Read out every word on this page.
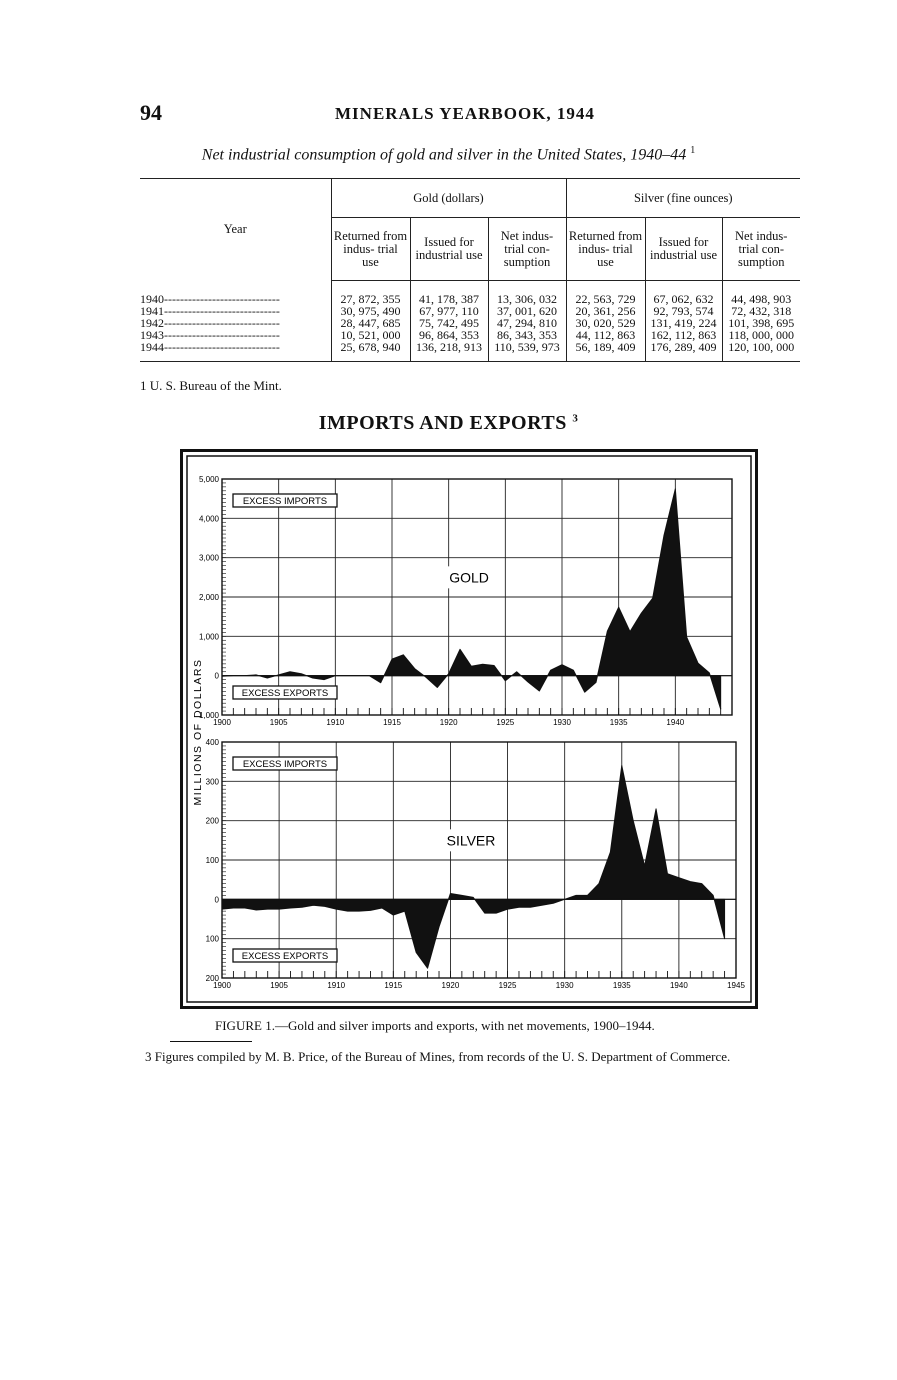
94	MINERALS YEARBOOK, 1944
Net industrial consumption of gold and silver in the United States, 1940–44 $^1$
Year	Gold (dollars)			Silver (fine ounces)		
	Returned from indus- trial use	Issued for industrial use	Net indus- trial con- sumption	Returned from indus- trial use	Issued for industrial use	Net indus- trial con- sumption
1940-----------------------------	27, 872, 355	41, 178, 387	13, 306, 032	22, 563, 729	67, 062, 632	44, 498, 903
1941-----------------------------	30, 975, 490	67, 977, 110	37, 001, 620	20, 361, 256	92, 793, 574	72, 432, 318
1942-----------------------------	28, 447, 685	75, 742, 495	47, 294, 810	30, 020, 529	131, 419, 224	101, 398, 695
1943-----------------------------	10, 521, 000	96, 864, 353	86, 343, 353	44, 112, 863	162, 112, 863	118, 000, 000
1944-----------------------------	25, 678, 940	136, 218, 913	110, 539, 973	56, 189, 409	176, 289, 409	120, 100, 000
1 U. S. Bureau of the Mint.
IMPORTS AND EXPORTS $^3$
5,000
4,000
3,000
2,000
1,000
0
1,000
1900	1905	1910	1915	1920	1925	1930	1935	1940
EXCESS IMPORTS
EXCESS EXPORTS
GOLD
400
300
200
100
0
100
200
1900	1905	1910	1915	1920	1925	1930	1935	1940	1945
EXCESS IMPORTS
EXCESS EXPORTS
SILVER
MILLIONS OF DOLLARS
FIGURE 1.—Gold and silver imports and exports, with net movements, 1900–1944.
3 Figures compiled by M. B. Price, of the Bureau of Mines, from records of the U. S. Department of Commerce.
